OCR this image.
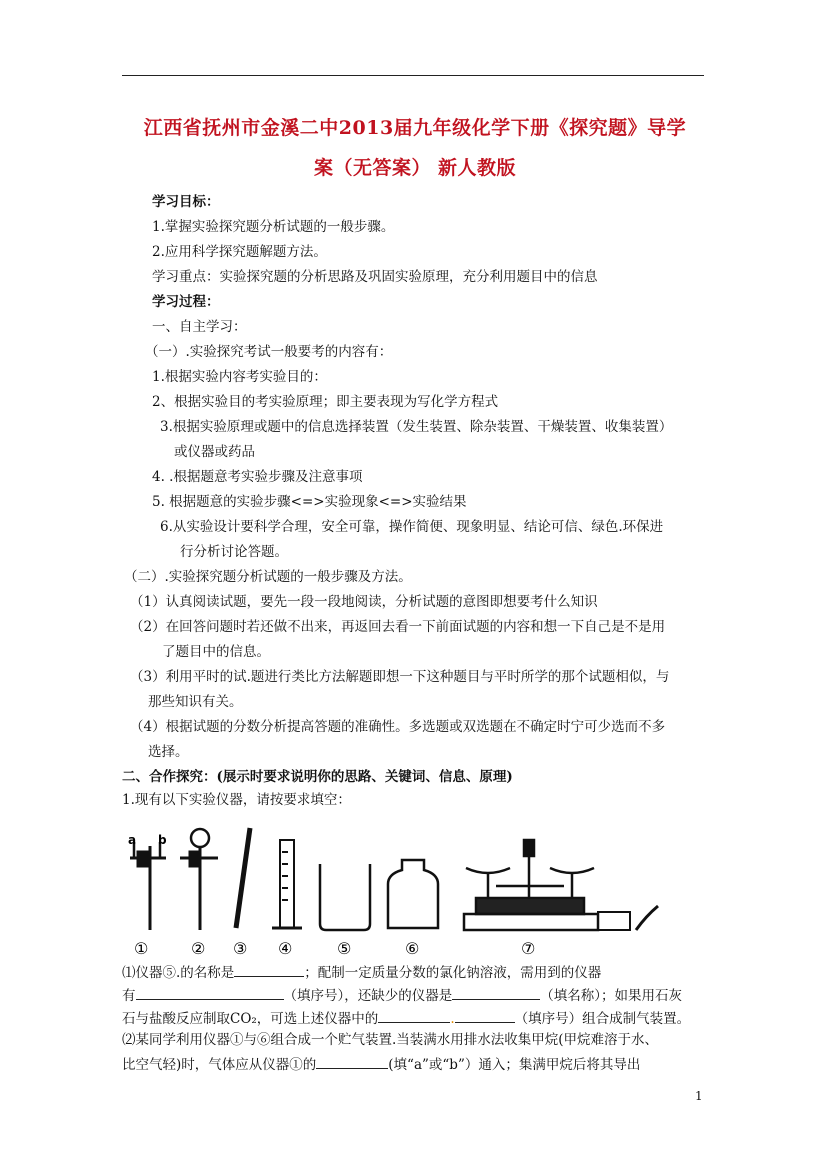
江西省抚州市金溪二中2013届九年级化学下册《探究题》导学
案（无答案） 新人教版
学习目标：
1.掌握实验探究题分析试题的一般步骤。
2.应用科学探究题解题方法。
学习重点：实验探究题的分析思路及巩固实验原理，充分利用题目中的信息
学习过程：
一、自主学习：
（一）.实验探究考试一般要考的内容有：
1.根据实验内容考实验目的：
2、根据实验目的考实验原理；即主要表现为写化学方程式
3.根据实验原理或题中的信息选择装置（发生装置、除杂装置、干燥装置、收集装置）
或仪器或药品
4. .根据题意考实验步骤及注意事项
5. 根据题意的实验步骤<=>实验现象<=>实验结果
6.从实验设计要科学合理，安全可靠，操作简便、现象明显、结论可信、绿色.环保进
行分析讨论答题。
（二）.实验探究题分析试题的一般步骤及方法。
（1）认真阅读试题，要先一段一段地阅读，分析试题的意图即想要考什么知识
（2）在回答问题时若还做不出来，再返回去看一下前面试题的内容和想一下自己是不是用
了题目中的信息。
（3）利用平时的试.题进行类比方法解题即想一下这种题目与平时所学的那个试题相似，与
那些知识有关。
（4）根据试题的分数分析提高答题的准确性。多选题或双选题在不确定时宁可少选而不多
选择。
二、合作探究：(展示时要求说明你的思路、关键词、信息、原理)
1.现有以下实验仪器，请按要求填空：
a b
①	② ③ ④	⑤	⑥	⑦
⑴仪器⑤.的名称是	；配制一定质量分数的氯化钠溶液，需用到的仪器
有	（填序号），还缺少的仪器是	（填名称）；如果用石灰
石与盐酸反应制取CO₂，可选上述仪器中的	.	（填序号）组合成制气装置。
⑵某同学利用仪器①与⑥组合成一个贮气装置.当装满水用排水法收集甲烷(甲烷难溶于水、
比空气轻)时，气体应从仪器①的	(填“a”或“b”）通入；集满甲烷后将其导出
1
